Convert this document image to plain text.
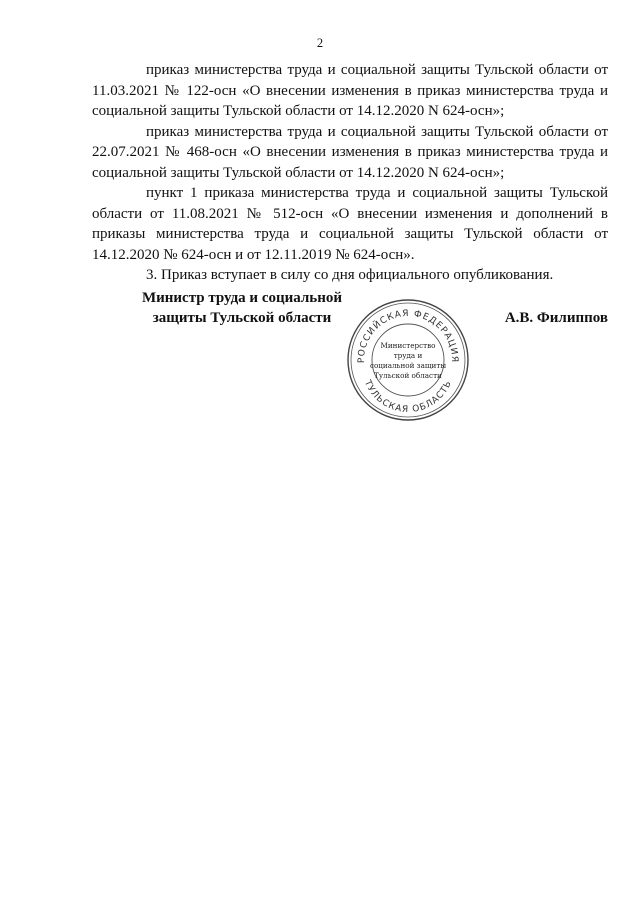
2

приказ министерства труда и социальной защиты Тульской области от 11.03.2021 № 122-осн «О внесении изменения в приказ министерства труда и социальной защиты Тульской области от 14.12.2020 N 624-осн»;

приказ министерства труда и социальной защиты Тульской области от 22.07.2021 № 468-осн «О внесении изменения в приказ министерства труда и социальной защиты Тульской области от 14.12.2020 N 624-осн»;

пункт 1 приказа министерства труда и социальной защиты Тульской области от 11.08.2021 № 512-осн «О внесении изменения и дополнений в приказы министерства труда и социальной защиты Тульской области от 14.12.2020 № 624-осн и от 12.11.2019 № 624-осн».

3. Приказ вступает в силу со дня официального опубликования.

Министр труда и социальной
защиты Тульской области
РОССИЙСКАЯ ФЕДЕРАЦИЯ
ТУЛЬСКАЯ ОБЛАСТЬ
Министерство
труда и
социальной защиты
Тульской области
А.В. Филиппов
